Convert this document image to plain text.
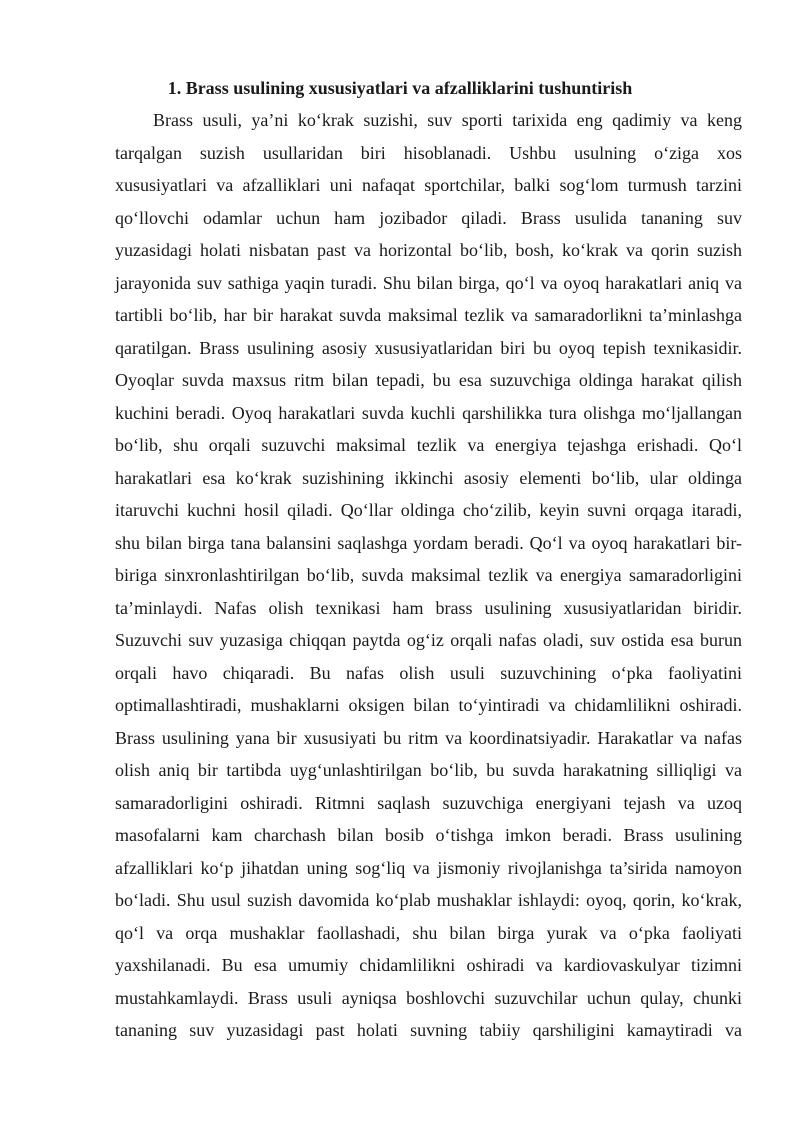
1. Brass usulining xususiyatlari va afzalliklarini tushuntirish
Brass usuli, ya’ni ko‘krak suzishi, suv sporti tarixida eng qadimiy va keng
tarqalgan suzish usullaridan biri hisoblanadi. Ushbu usulning o‘ziga xos
xususiyatlari va afzalliklari uni nafaqat sportchilar, balki sog‘lom turmush tarzini
qo‘llovchi odamlar uchun ham jozibador qiladi. Brass usulida tananing suv
yuzasidagi holati nisbatan past va horizontal bo‘lib, bosh, ko‘krak va qorin suzish
jarayonida suv sathiga yaqin turadi. Shu bilan birga, qo‘l va oyoq harakatlari aniq va
tartibli bo‘lib, har bir harakat suvda maksimal tezlik va samaradorlikni ta’minlashga
qaratilgan. Brass usulining asosiy xususiyatlaridan biri bu oyoq tepish texnikasidir.
Oyoqlar suvda maxsus ritm bilan tepadi, bu esa suzuvchiga oldinga harakat qilish
kuchini beradi. Oyoq harakatlari suvda kuchli qarshilikka tura olishga mo‘ljallangan
bo‘lib, shu orqali suzuvchi maksimal tezlik va energiya tejashga erishadi. Qo‘l
harakatlari esa ko‘krak suzishining ikkinchi asosiy elementi bo‘lib, ular oldinga
itaruvchi kuchni hosil qiladi. Qo‘llar oldinga cho‘zilib, keyin suvni orqaga itaradi,
shu bilan birga tana balansini saqlashga yordam beradi. Qo‘l va oyoq harakatlari bir-
biriga sinxronlashtirilgan bo‘lib, suvda maksimal tezlik va energiya samaradorligini
ta’minlaydi. Nafas olish texnikasi ham brass usulining xususiyatlaridan biridir.
Suzuvchi suv yuzasiga chiqqan paytda og‘iz orqali nafas oladi, suv ostida esa burun
orqali havo chiqaradi. Bu nafas olish usuli suzuvchining o‘pka faoliyatini
optimallashtiradi, mushaklarni oksigen bilan to‘yintiradi va chidamlilikni oshiradi.
Brass usulining yana bir xususiyati bu ritm va koordinatsiyadir. Harakatlar va nafas
olish aniq bir tartibda uyg‘unlashtirilgan bo‘lib, bu suvda harakatning silliqligi va
samaradorligini oshiradi. Ritmni saqlash suzuvchiga energiyani tejash va uzoq
masofalarni kam charchash bilan bosib o‘tishga imkon beradi. Brass usulining
afzalliklari ko‘p jihatdan uning sog‘liq va jismoniy rivojlanishga ta’sirida namoyon
bo‘ladi. Shu usul suzish davomida ko‘plab mushaklar ishlaydi: oyoq, qorin, ko‘krak,
qo‘l va orqa mushaklar faollashadi, shu bilan birga yurak va o‘pka faoliyati
yaxshilanadi. Bu esa umumiy chidamlilikni oshiradi va kardiovaskulyar tizimni
mustahkamlaydi. Brass usuli ayniqsa boshlovchi suzuvchilar uchun qulay, chunki
tananing suv yuzasidagi past holati suvning tabiiy qarshiligini kamaytiradi va
